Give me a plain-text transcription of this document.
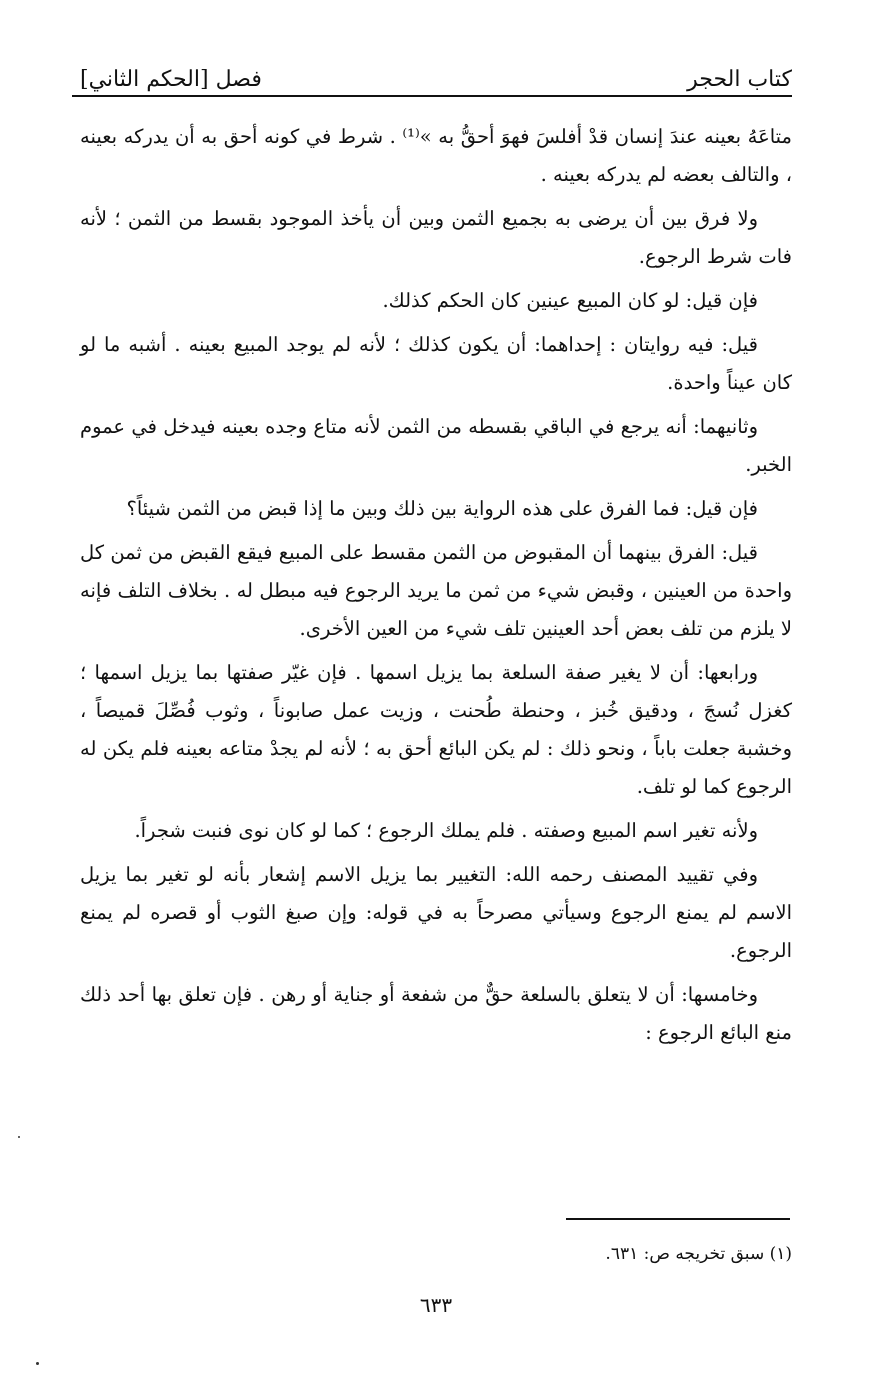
كتاب الحجر
فصل [الحكم الثاني]

متاعَهُ بعينه عندَ إنسان قدْ أفلسَ فهوَ أحقُّ به »⁽¹⁾ . شرط في كونه أحق به أن يدركه بعينه ، والتالف بعضه لم يدركه بعينه .

ولا فرق بين أن يرضى به بجميع الثمن وبين أن يأخذ الموجود بقسط من الثمن ؛ لأنه فات شرط الرجوع.

فإن قيل: لو كان المبيع عينين كان الحكم كذلك.

قيل: فيه روايتان : إحداهما: أن يكون كذلك ؛ لأنه لم يوجد المبيع بعينه . أشبه ما لو كان عيناً واحدة.

وثانيهما: أنه يرجع في الباقي بقسطه من الثمن لأنه متاع وجده بعينه فيدخل في عموم الخبر.

فإن قيل: فما الفرق على هذه الرواية بين ذلك وبين ما إذا قبض من الثمن شيئاً؟

قيل: الفرق بينهما أن المقبوض من الثمن مقسط على المبيع فيقع القبض من ثمن كل واحدة من العينين ، وقبض شيء من ثمن ما يريد الرجوع فيه مبطل له . بخلاف التلف فإنه لا يلزم من تلف بعض أحد العينين تلف شيء من العين الأخرى.

ورابعها: أن لا يغير صفة السلعة بما يزيل اسمها . فإن غيّر صفتها بما يزيل اسمها ؛ كغزل نُسجَ ، ودقيق خُبز ، وحنطة طُحنت ، وزيت عمل صابوناً ، وثوب فُصِّلَ قميصاً ، وخشبة جعلت باباً ، ونحو ذلك : لم يكن البائع أحق به ؛ لأنه لم يجدْ متاعه بعينه فلم يكن له الرجوع كما لو تلف.

ولأنه تغير اسم المبيع وصفته . فلم يملك الرجوع ؛ كما لو كان نوى فنبت شجراً.

وفي تقييد المصنف رحمه الله: التغيير بما يزيل الاسم إشعار بأنه لو تغير بما يزيل الاسم لم يمنع الرجوع وسيأتي مصرحاً به في قوله: وإن صبغ الثوب أو قصره لم يمنع الرجوع.

وخامسها: أن لا يتعلق بالسلعة حقٌّ من شفعة أو جناية أو رهن . فإن تعلق بها أحد ذلك منع البائع الرجوع :

(١) سبق تخريجه ص: ٦٣١.
٦٣٣
